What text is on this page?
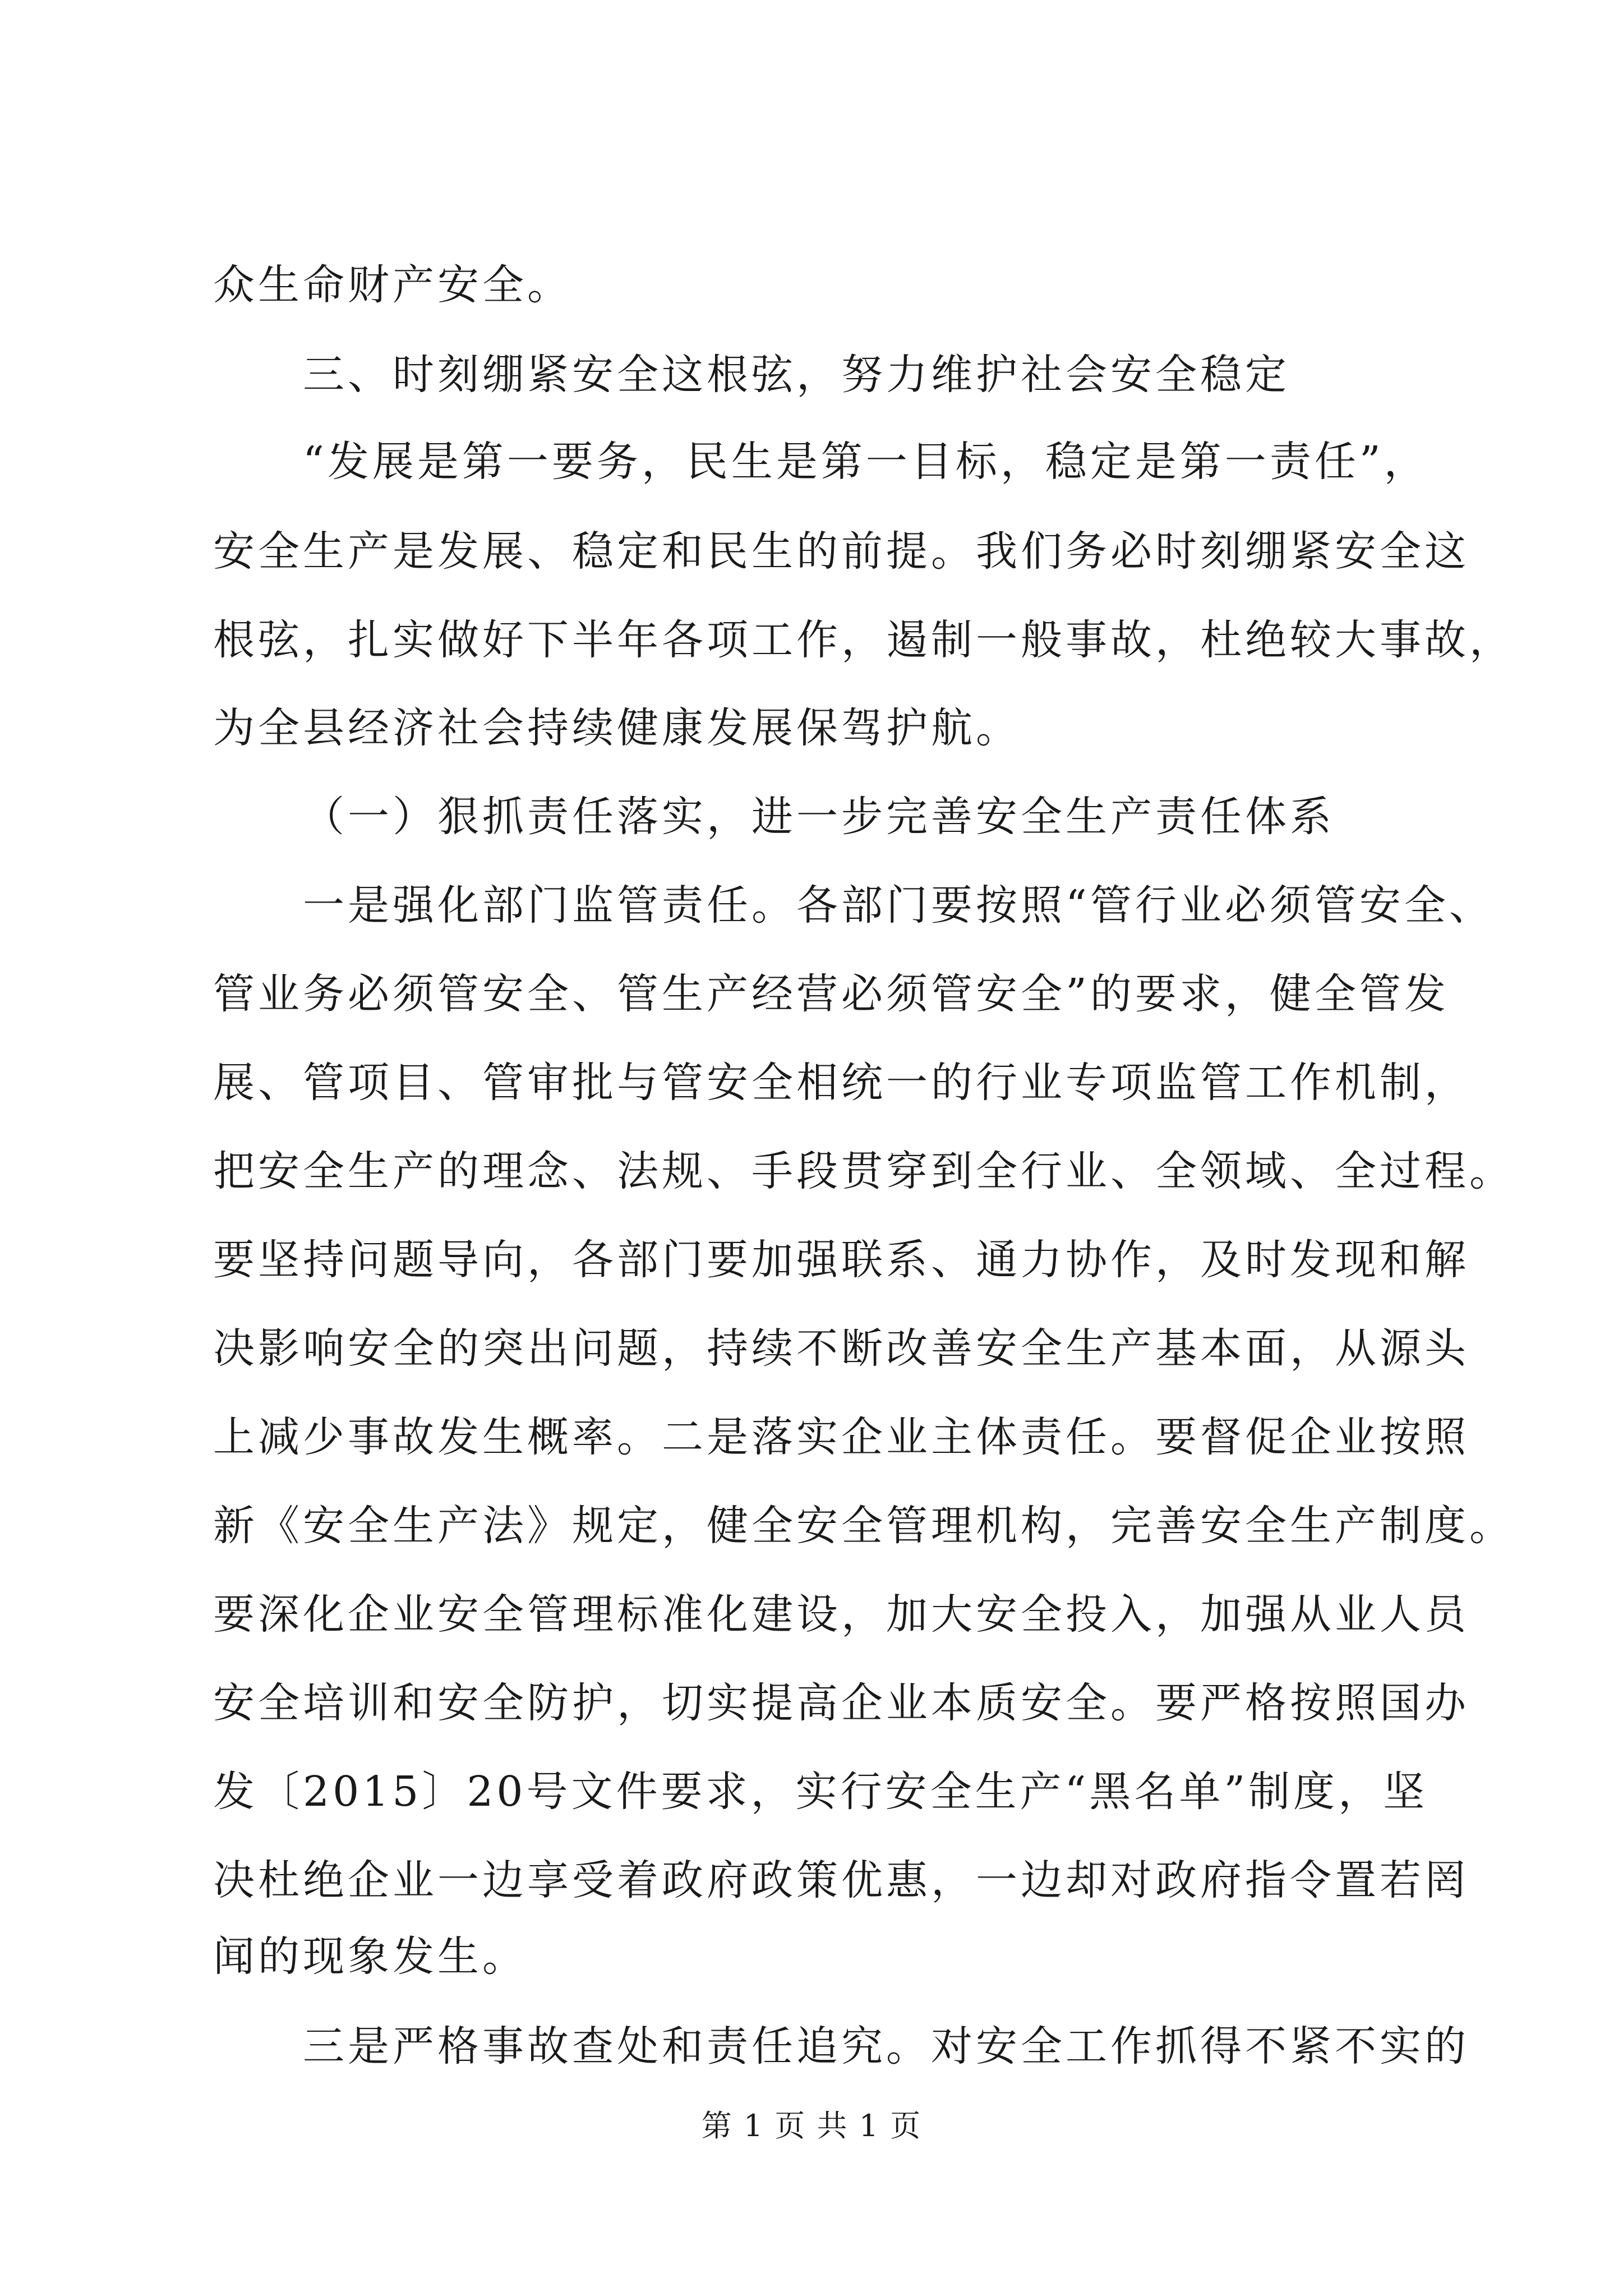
众生命财产安全。
三、时刻绷紧安全这根弦，努力维护社会安全稳定
“发展是第一要务，民生是第一目标，稳定是第一责任”，
安全生产是发展、稳定和民生的前提。我们务必时刻绷紧安全这
根弦，扎实做好下半年各项工作，遏制一般事故，杜绝较大事故，
为全县经济社会持续健康发展保驾护航。
（一）狠抓责任落实，进一步完善安全生产责任体系
一是强化部门监管责任。各部门要按照“管行业必须管安全、
管业务必须管安全、管生产经营必须管安全”的要求，健全管发
展、管项目、管审批与管安全相统一的行业专项监管工作机制，
把安全生产的理念、法规、手段贯穿到全行业、全领域、全过程。
要坚持问题导向，各部门要加强联系、通力协作，及时发现和解
决影响安全的突出问题，持续不断改善安全生产基本面，从源头
上减少事故发生概率。二是落实企业主体责任。要督促企业按照
新《安全生产法》规定，健全安全管理机构，完善安全生产制度。
要深化企业安全管理标准化建设，加大安全投入，加强从业人员
安全培训和安全防护，切实提高企业本质安全。要严格按照国办
发〔2015〕20号文件要求，实行安全生产“黑名单”制度，坚
决杜绝企业一边享受着政府政策优惠，一边却对政府指令置若罔
闻的现象发生。
三是严格事故查处和责任追究。对安全工作抓得不紧不实的
第 1 页 共 1 页
